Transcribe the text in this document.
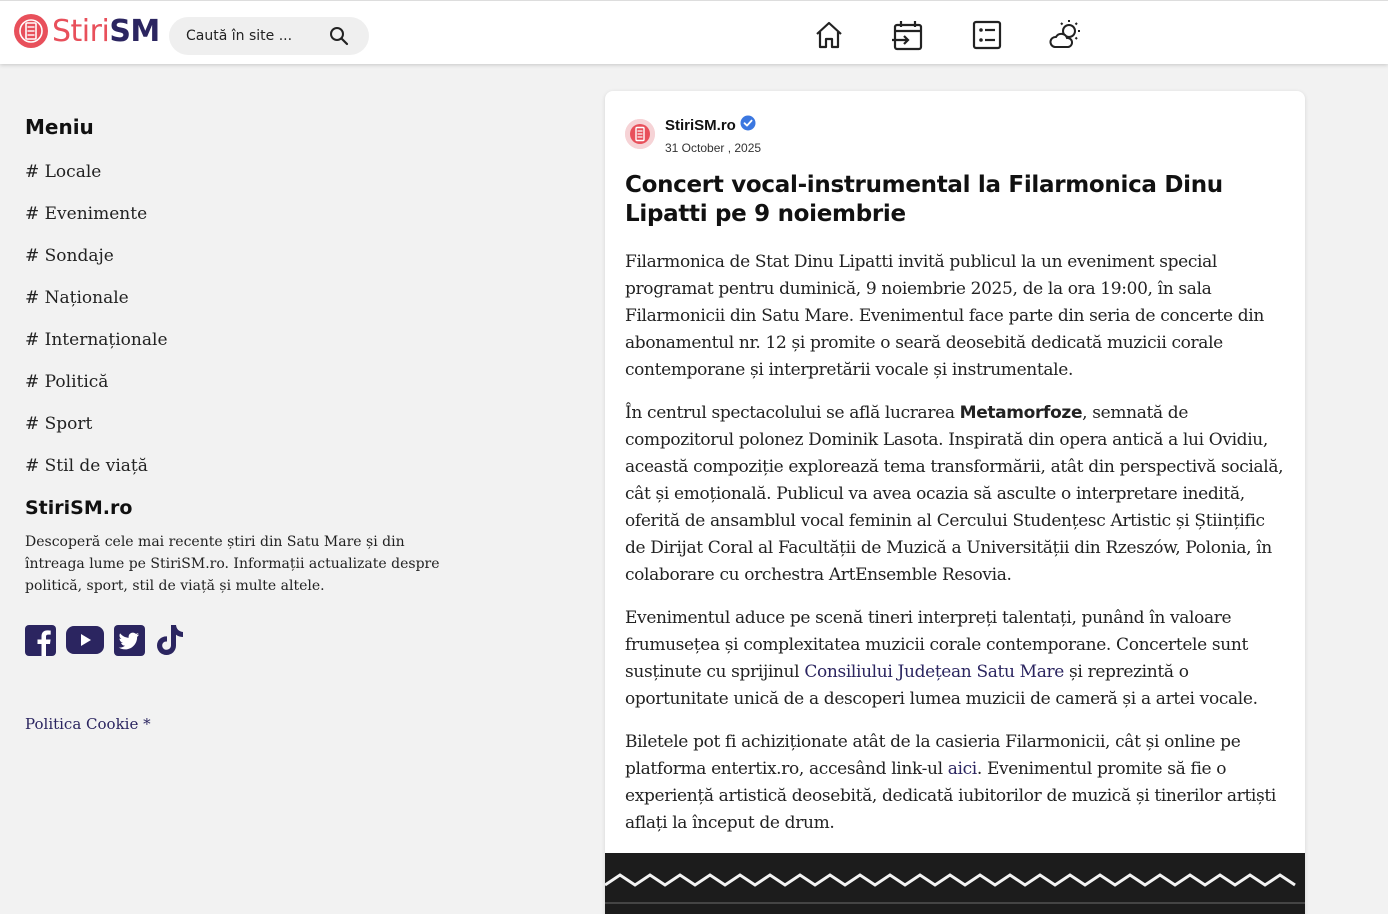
StiriSM
Caută în site ...
Meniu
# Locale
# Evenimente
# Sondaje
# Naționale
# Internaționale
# Politică
# Sport
# Stil de viață
StiriSM.ro
Descoperă cele mai recente știri din Satu Mare și din întreaga lume pe StiriSM.ro. Informații actualizate despre politică, sport, stil de viață și multe altele.
Politica Cookie *
StiriSM.ro
31 October , 2025
Concert vocal-instrumental la Filarmonica Dinu Lipatti pe 9 noiembrie

Filarmonica de Stat Dinu Lipatti invită publicul la un eveniment special programat pentru duminică, 9 noiembrie 2025, de la ora 19:00, în sala Filarmonicii din Satu Mare. Evenimentul face parte din seria de concerte din abonamentul nr. 12 și promite o seară deosebită dedicată muzicii corale contemporane și interpretării vocale și instrumentale.

În centrul spectacolului se află lucrarea Metamorfoze, semnată de compozitorul polonez Dominik Lasota. Inspirată din opera antică a lui Ovidiu, această compoziție explorează tema transformării, atât din perspectivă socială, cât și emoțională. Publicul va avea ocazia să asculte o interpretare inedită, oferită de ansamblul vocal feminin al Cercului Studențesc Artistic și Științific de Dirijat Coral al Facultății de Muzică a Universității din Rzeszów, Polonia, în colaborare cu orchestra ArtEnsemble Resovia.

Evenimentul aduce pe scenă tineri interpreți talentați, punând în valoare frumusețea și complexitatea muzicii corale contemporane. Concertele sunt susținute cu sprijinul Consiliului Județean Satu Mare și reprezintă o oportunitate unică de a descoperi lumea muzicii de cameră și a artei vocale.

Biletele pot fi achiziționate atât de la casieria Filarmonicii, cât și online pe platforma entertix.ro, accesând link-ul aici. Evenimentul promite să fie o experiență artistică deosebită, dedicată iubitorilor de muzică și tinerilor artiști aflați la început de drum.
